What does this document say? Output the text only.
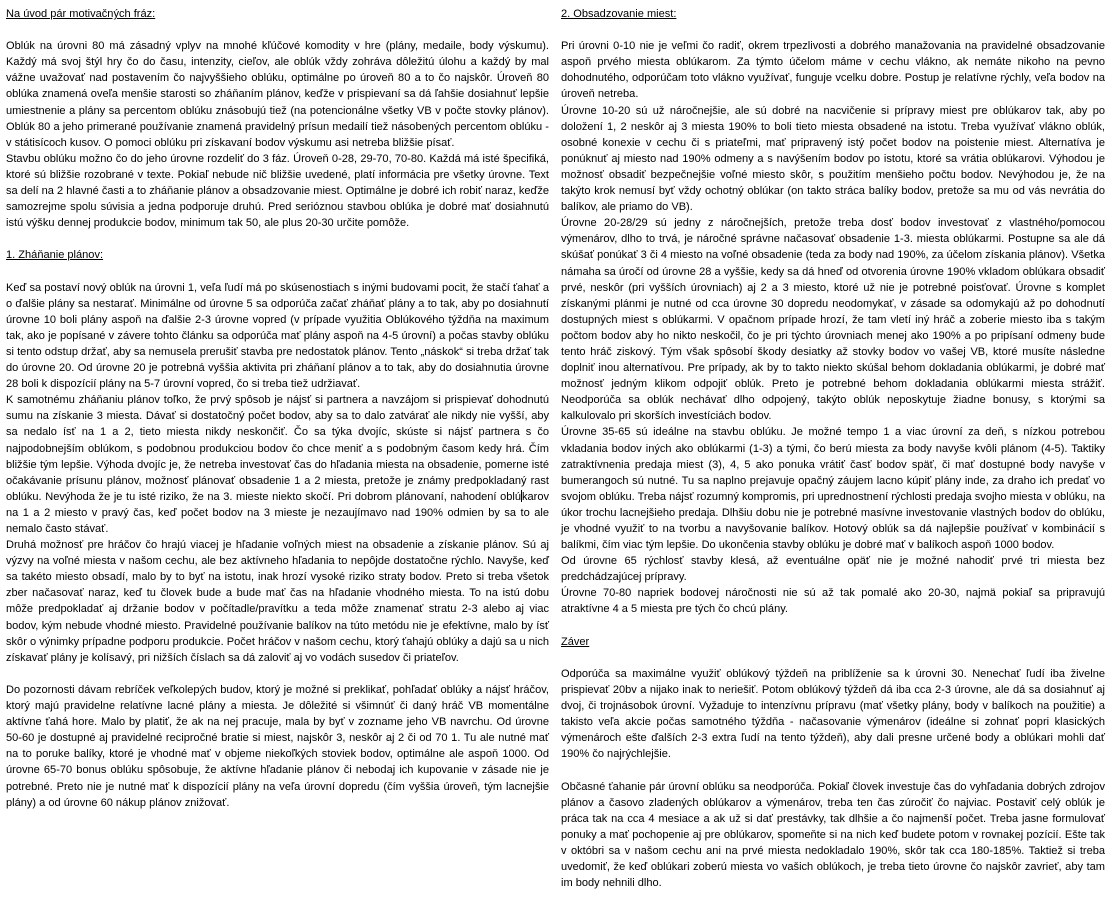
Na úvod pár motivačných fráz:

Oblúk na úrovni 80 má zásadný vplyv na mnohé kľúčové komodity v hre (plány, medaile, body výskumu). Každý má svoj štýl hry čo do času, intenzity, cieľov, ale oblúk vždy zohráva dôležitú úlohu a každý by mal vážne uvažovať nad postavením čo najvyššieho oblúku, optimálne po úroveň 80 a to čo najskôr. Úroveň 80 oblúka znamená oveľa menšie starosti so zháňaním plánov, keďže v prispievaní sa dá ľahšie dosiahnuť lepšie umiestnenie a plány sa percentom oblúku znásobujú tiež (na potencionálne všetky VB v počte stovky plánov). Oblúk 80 a jeho primerané používanie znamená pravidelný prísun medailí tiež násobených percentom oblúku - v státisícoch kusov. O pomoci oblúku pri získavaní bodov výskumu asi netreba bližšie písať.

Stavbu oblúku možno čo do jeho úrovne rozdeliť do 3 fáz. Úroveň 0-28, 29-70, 70-80. Každá má isté špecifiká, ktoré sú bližšie rozobrané v texte. Pokiaľ nebude nič bližšie uvedené, platí informácia pre všetky úrovne. Text sa delí na 2 hlavné časti a to zháňanie plánov a obsadzovanie miest. Optimálne je dobré ich robiť naraz, keďže samozrejme spolu súvisia a jedna podporuje druhú. Pred serióznou stavbou oblúka je dobré mať dosiahnutú istú výšku dennej produkcie bodov, minimum tak 50, ale plus 20-30 určite pomôže.

1. Zháňanie plánov:

Keď sa postaví nový oblúk na úrovni 1, veľa ľudí má po skúsenostiach s inými budovami pocit, že stačí ťahať a o ďalšie plány sa nestarať. Minimálne od úrovne 5 sa odporúča začať zháňať plány a to tak, aby po dosiahnutí úrovne 10 boli plány aspoň na ďalšie 2-3 úrovne vopred (v prípade využitia Oblúkového týždňa na maximum tak, ako je popísané v závere tohto článku sa odporúča mať plány aspoň na 4-5 úrovní) a počas stavby oblúku si tento odstup držať, aby sa nemusela prerušiť stavba pre nedostatok plánov. Tento „náskok“ si treba držať tak do úrovne 20. Od úrovne 20 je potrebná vyššia aktivita pri zháňaní plánov a to tak, aby do dosiahnutia úrovne 28 boli k dispozícií plány na 5-7 úrovní vopred, čo si treba tiež udržiavať.

K samotnému zháňaniu plánov toľko, že prvý spôsob je nájsť si partnera a navzájom si prispievať dohodnutú sumu na získanie 3 miesta. Dávať si dostatočný počet bodov, aby sa to dalo zatvárať ale nikdy nie vyšší, aby sa nedalo ísť na 1 a 2, tieto miesta nikdy neskončiť. Čo sa týka dvojíc, skúste si nájsť partnera s čo najpodobnejším oblúkom, s podobnou produkciou bodov čo chce meniť a s podobným časom kedy hrá. Čím bližšie tým lepšie. Výhoda dvojíc je, že netreba investovať čas do hľadania miesta na obsadenie, pomerne isté očakávanie prísunu plánov, možnosť plánovať obsadenie 1 a 2 miesta, pretože je známy predpokladaný rast oblúku. Nevýhoda že je tu isté riziko, že na 3. mieste niekto skočí. Pri dobrom plánovaní, nahodení oblúkarov na 1 a 2 miesto v pravý čas, keď počet bodov na 3 mieste je nezaujímavo nad 190% odmien by sa to ale nemalo často stávať.

Druhá možnosť pre hráčov čo hrajú viacej je hľadanie voľných miest na obsadenie a získanie plánov. Sú aj výzvy na voľné miesta v našom cechu, ale bez aktívneho hľadania to nepôjde dostatočne rýchlo. Navyše, keď sa takéto miesto obsadí, malo by to byť na istotu, inak hrozí vysoké riziko straty bodov. Preto si treba všetok zber načasovať naraz, keď tu človek bude a bude mať čas na hľadanie vhodného miesta. To na istú dobu môže predpokladať aj držanie bodov v počítadle/pravítku a teda môže znamenať stratu 2-3 alebo aj viac bodov, kým nebude vhodné miesto. Pravidelné používanie balíkov na túto metódu nie je efektívne, malo by ísť skôr o výnimky prípadne podporu produkcie. Počet hráčov v našom cechu, ktorý ťahajú oblúky a dajú sa u nich získavať plány je kolísavý, pri nižších číslach sa dá zaloviť aj vo vodách susedov či priateľov.

Do pozornosti dávam rebríček veľkolepých budov, ktorý je možné si preklikať, pohľadať oblúky a nájsť hráčov, ktorý majú pravidelne relatívne lacné plány a miesta. Je dôležité si všimnúť či daný hráč VB momentálne aktívne ťahá hore. Malo by platiť, že ak na nej pracuje, mala by byť v zozname jeho VB navrchu. Od úrovne 50-60 je dostupné aj pravidelné recipročné bratie si miest, najskôr 3, neskôr aj 2 či od 70 1. Tu ale nutné mať na to poruke balíky, ktoré je vhodné mať v objeme niekoľkých stoviek bodov, optimálne ale aspoň 1000. Od úrovne 65-70 bonus oblúku spôsobuje, že aktívne hľadanie plánov či nebodaj ich kupovanie v zásade nie je potrebné. Preto nie je nutné mať k dispozícií plány na veľa úrovní dopredu (čím vyššia úroveň, tým lacnejšie plány) a od úrovne 60 nákup plánov znižovať.

2. Obsadzovanie miest:

Pri úrovni 0-10 nie je veľmi čo radiť, okrem trpezlivosti a dobrého manažovania na pravidelné obsadzovanie aspoň prvého miesta oblúkarom. Za týmto účelom máme v cechu vlákno, ak nemáte nikoho na pevno dohodnutého, odporúčam toto vlákno využívať, funguje vcelku dobre. Postup je relatívne rýchly, veľa bodov na úroveň netreba.

Úrovne 10-20 sú už náročnejšie, ale sú dobré na nacvičenie si prípravy miest pre oblúkarov tak, aby po doložení 1, 2 neskôr aj 3 miesta 190% to boli tieto miesta obsadené na istotu. Treba využívať vlákno oblúk, osobné konexie v cechu či s priateľmi, mať pripravený istý počet bodov na poistenie miest. Alternatíva je ponúknuť aj miesto nad 190% odmeny a s navýšením bodov po istotu, ktoré sa vrátia oblúkarovi. Výhodou je možnosť obsadiť bezpečnejšie voľné miesto skôr, s použitím menšieho počtu bodov. Nevýhodou je, že na takýto krok nemusí byť vždy ochotný oblúkar (on takto stráca balíky bodov, pretože sa mu od vás nevrátia do balíkov, ale priamo do VB).

Úrovne 20-28/29 sú jedny z náročnejších, pretože treba dosť bodov investovať z vlastného/pomocou výmenárov, dlho to trvá, je náročné správne načasovať obsadenie 1-3. miesta oblúkarmi. Postupne sa ale dá skúšať ponúkať 3 či 4 miesto na voľné obsadenie (teda za body nad 190%, za účelom získania plánov). Všetka námaha sa úročí od úrovne 28 a vyššie, kedy sa dá hneď od otvorenia úrovne 190% vkladom oblúkara obsadiť prvé, neskôr (pri vyšších úrovniach) aj 2 a 3 miesto, ktoré už nie je potrebné poisťovať. Úrovne s komplet získanými plánmi je nutné od cca úrovne 30 dopredu neodomykať, v zásade sa odomykajú až po dohodnutí dostupných miest s oblúkarmi. V opačnom prípade hrozí, že tam vletí iný hráč a zoberie miesto iba s takým počtom bodov aby ho nikto neskočil, čo je pri týchto úrovniach menej ako 190% a po pripísaní odmeny bude tento hráč ziskový. Tým však spôsobí škody desiatky až stovky bodov vo vašej VB, ktoré musíte následne doplniť inou alternatívou. Pre prípady, ak by to takto niekto skúšal behom dokladania oblúkarmi, je dobré mať možnosť jedným klikom odpojiť oblúk. Preto je potrebné behom dokladania oblúkarmi miesta strážiť. Neodporúča sa oblúk nechávať dlho odpojený, takýto oblúk neposkytuje žiadne bonusy, s ktorými sa kalkulovalo pri skorších investíciách bodov.

Úrovne 35-65 sú ideálne na stavbu oblúku. Je možné tempo 1 a viac úrovní za deň, s nízkou potrebou vkladania bodov iných ako oblúkarmi (1-3) a tými, čo berú miesta za body navyše kvôli plánom (4-5). Taktiky zatraktívnenia predaja miest (3), 4, 5 ako ponuka vrátiť časť bodov späť, či mať dostupné body navyše v bumerangoch sú nutné. Tu sa naplno prejavuje opačný záujem lacno kúpiť plány inde, za draho ich predať vo svojom oblúku. Treba nájsť rozumný kompromis, pri uprednostnení rýchlosti predaja svojho miesta v oblúku, na úkor trochu lacnejšieho predaja. Dlhšiu dobu nie je potrebné masívne investovanie vlastných bodov do oblúku, je vhodné využiť to na tvorbu a navyšovanie balíkov. Hotový oblúk sa dá najlepšie používať v kombinácií s balíkmi, čím viac tým lepšie. Do ukončenia stavby oblúku je dobré mať v balíkoch aspoň 1000 bodov.

Od úrovne 65 rýchlosť stavby klesá, až eventuálne opäť nie je možné nahodiť prvé tri miesta bez predchádzajúcej prípravy.

Úrovne 70-80 napriek bodovej náročnosti nie sú až tak pomalé ako 20-30, najmä pokiaľ sa pripravujú atraktívne 4 a 5 miesta pre tých čo chcú plány.

Záver

Odporúča sa maximálne využiť oblúkový týždeň na priblíženie sa k úrovni 30. Nenechať ľudí iba živelne prispievať 20bv a nijako inak to neriešiť. Potom oblúkový týždeň dá iba cca 2-3 úrovne, ale dá sa dosiahnuť aj dvoj, či trojnásobok úrovní. Vyžaduje to intenzívnu prípravu (mať všetky plány, body v balíkoch na použitie) a takisto veľa akcie počas samotného týždňa - načasovanie výmenárov (ideálne si zohnať popri klasických výmenároch ešte ďalších 2-3 extra ľudí na tento týždeň), aby dali presne určené body a oblúkari mohli dať 190% čo najrýchlejšie.

Občasné ťahanie pár úrovní oblúku sa neodporúča. Pokiaľ človek investuje čas do vyhľadania dobrých zdrojov plánov a časovo zladených oblúkarov a výmenárov, treba ten čas zúročiť čo najviac. Postaviť celý oblúk je práca tak na cca 4 mesiace a ak už si dať prestávky, tak dlhšie a čo najmenší počet. Treba jasne formulovať ponuky a mať pochopenie aj pre oblúkarov, spomeňte si na nich keď budete potom v rovnakej pozícií. Ešte tak v októbri sa v našom cechu ani na prvé miesta nedokladalo 190%, skôr tak cca 180-185%. Taktiež si treba uvedomiť, že keď oblúkari zoberú miesta vo vašich oblúkoch, je treba tieto úrovne čo najskôr zavrieť, aby tam im body nehnili dlho.
